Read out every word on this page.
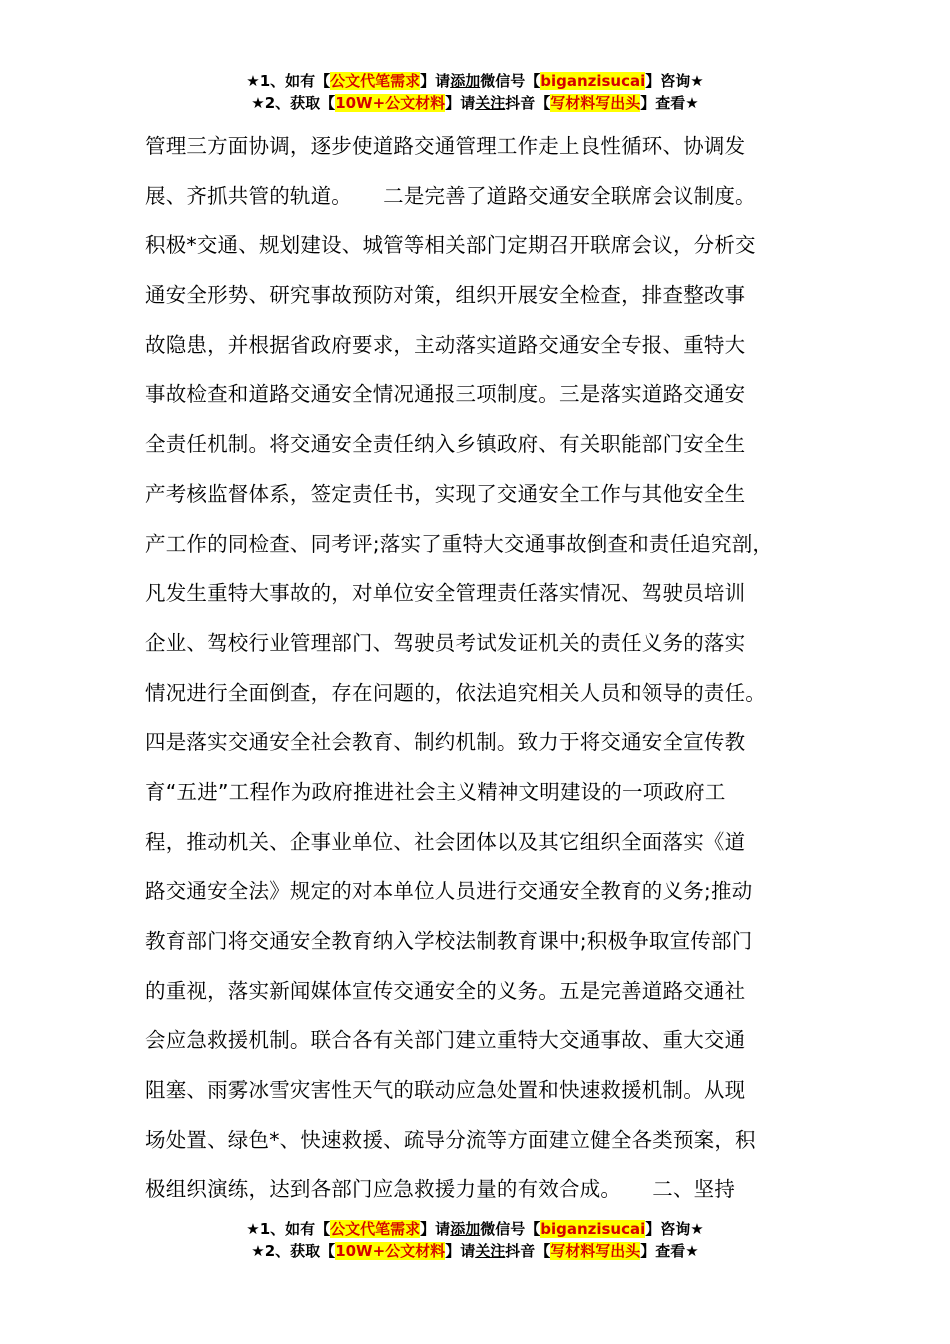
★1、如有【公文代笔需求】请添加微信号【biganzisucai】咨询★
★2、获取【10W+公文材料】请关注抖音【写材料写出头】查看★
管理三方面协调，逐步使道路交通管理工作走上良性循环、协调发
展、齐抓共管的轨道。　　二是完善了道路交通安全联席会议制度。
积极*交通、规划建设、城管等相关部门定期召开联席会议，分析交
通安全形势、研究事故预防对策，组织开展安全检查，排查整改事
故隐患，并根据省政府要求，主动落实道路交通安全专报、重特大
事故检查和道路交通安全情况通报三项制度。三是落实道路交通安
全责任机制。将交通安全责任纳入乡镇政府、有关职能部门安全生
产考核监督体系，签定责任书，实现了交通安全工作与其他安全生
产工作的同检查、同考评;落实了重特大交通事故倒查和责任追究剖，
凡发生重特大事故的，对单位安全管理责任落实情况、驾驶员培训
企业、驾校行业管理部门、驾驶员考试发证机关的责任义务的落实
情况进行全面倒查，存在问题的，依法追究相关人员和领导的责任。
四是落实交通安全社会教育、制约机制。致力于将交通安全宣传教
育“五进”工程作为政府推进社会主义精神文明建设的一项政府工
程，推动机关、企事业单位、社会团体以及其它组织全面落实《道
路交通安全法》规定的对本单位人员进行交通安全教育的义务;推动
教育部门将交通安全教育纳入学校法制教育课中;积极争取宣传部门
的重视，落实新闻媒体宣传交通安全的义务。五是完善道路交通社
会应急救援机制。联合各有关部门建立重特大交通事故、重大交通
阻塞、雨雾冰雪灾害性天气的联动应急处置和快速救援机制。从现
场处置、绿色*、快速救援、疏导分流等方面建立健全各类预案，积
极组织演练，达到各部门应急救援力量的有效合成。　　二、坚持
★1、如有【公文代笔需求】请添加微信号【biganzisucai】咨询★
★2、获取【10W+公文材料】请关注抖音【写材料写出头】查看★
